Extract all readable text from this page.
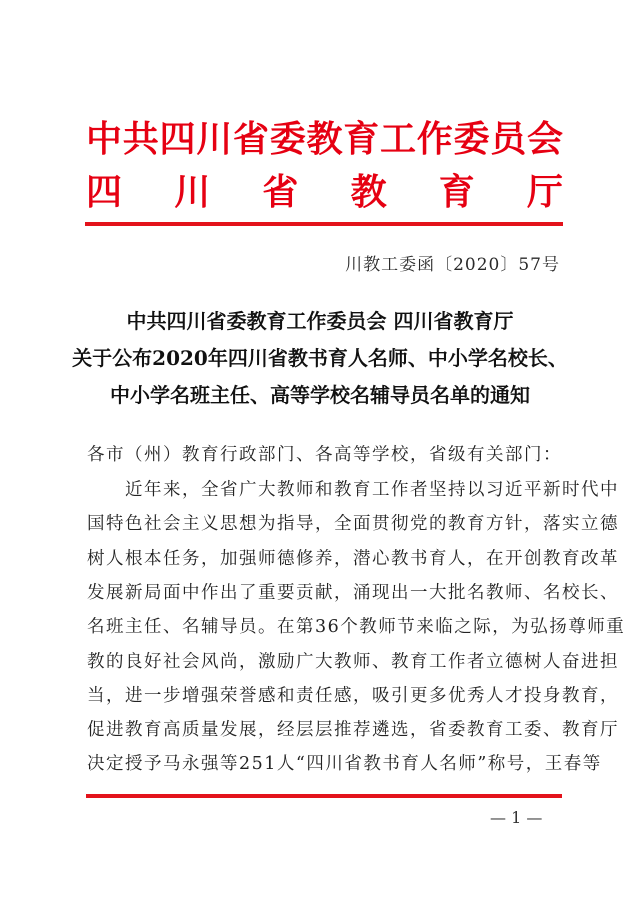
中 共 四 川 省 委 教 育 工 作 委 员 会
四 川 省 教 育 厅
川教工委函〔2020〕57号
中共四川省委教育工作委员会 四川省教育厅
关于公布2020年四川省教书育人名师、中小学名校长、
中小学名班主任、高等学校名辅导员名单的通知
各市（州）教育行政部门、各高等学校，省级有关部门：
　　近年来，全省广大教师和教育工作者坚持以习近平新时代中
国特色社会主义思想为指导，全面贯彻党的教育方针，落实立德
树人根本任务，加强师德修养，潜心教书育人，在开创教育改革
发展新局面中作出了重要贡献，涌现出一大批名教师、名校长、
名班主任、名辅导员。在第36个教师节来临之际，为弘扬尊师重
教的良好社会风尚，激励广大教师、教育工作者立德树人奋进担
当，进一步增强荣誉感和责任感，吸引更多优秀人才投身教育，
促进教育高质量发展，经层层推荐遴选，省委教育工委、教育厅
决定授予马永强等251人“四川省教书育人名师”称号，王春等
— 1 —
